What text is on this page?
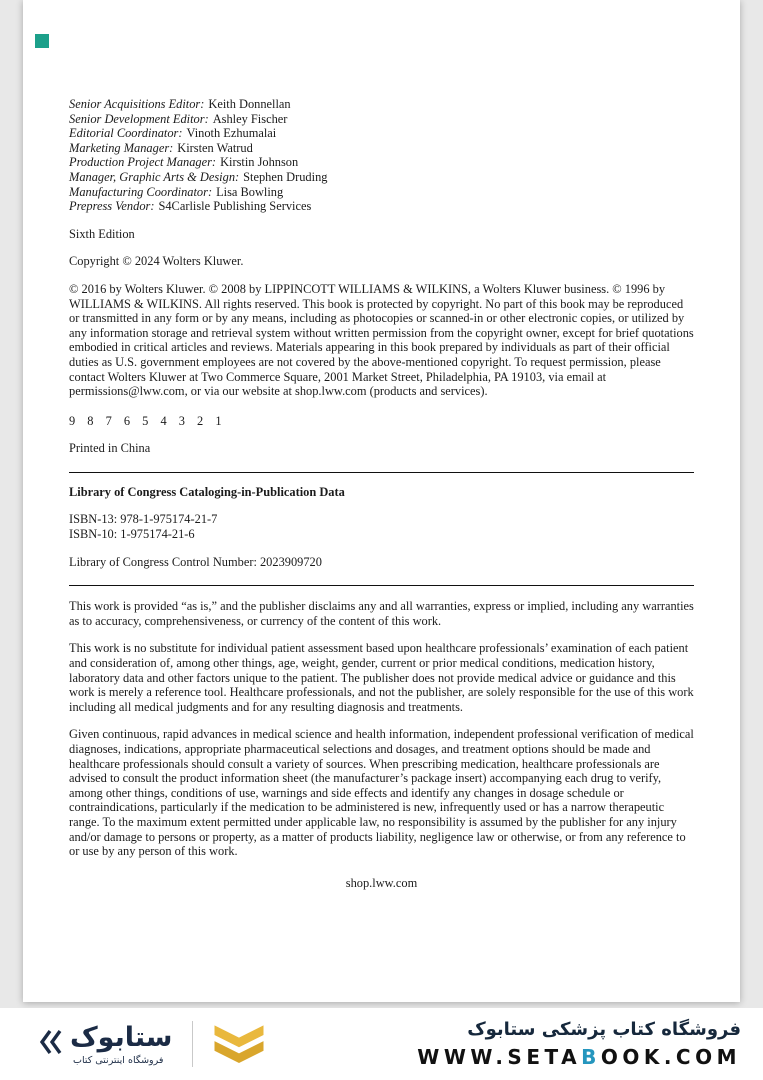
Senior Acquisitions Editor: Keith Donnellan

Senior Development Editor: Ashley Fischer

Editorial Coordinator: Vinoth Ezhumalai

Marketing Manager: Kirsten Watrud

Production Project Manager: Kirstin Johnson

Manager, Graphic Arts & Design: Stephen Druding

Manufacturing Coordinator: Lisa Bowling

Prepress Vendor: S4Carlisle Publishing Services

Sixth Edition

Copyright © 2024 Wolters Kluwer.

© 2016 by Wolters Kluwer. © 2008 by LIPPINCOTT WILLIAMS & WILKINS, a Wolters Kluwer business. © 1996 by WILLIAMS & WILKINS. All rights reserved. This book is protected by copyright. No part of this book may be reproduced or transmitted in any form or by any means, including as photocopies or scanned-in or other electronic copies, or utilized by any information storage and retrieval system without written permission from the copyright owner, except for brief quotations embodied in critical articles and reviews. Materials appearing in this book prepared by individuals as part of their official duties as U.S. government employees are not covered by the above-mentioned copyright. To request permission, please contact Wolters Kluwer at Two Commerce Square, 2001 Market Street, Philadelphia, PA 19103, via email at permissions@lww.com, or via our website at shop.lww.com (products and services).

9 8 7 6 5 4 3 2 1

Printed in China

Library of Congress Cataloging-in-Publication Data

ISBN-13: 978-1-975174-21-7

ISBN-10: 1-975174-21-6

Library of Congress Control Number: 2023909720

This work is provided “as is,” and the publisher disclaims any and all warranties, express or implied, including any warranties as to accuracy, comprehensiveness, or currency of the content of this work.

This work is no substitute for individual patient assessment based upon healthcare professionals’ examination of each patient and consideration of, among other things, age, weight, gender, current or prior medical conditions, medication history, laboratory data and other factors unique to the patient. The publisher does not provide medical advice or guidance and this work is merely a reference tool. Healthcare professionals, and not the publisher, are solely responsible for the use of this work including all medical judgments and for any resulting diagnosis and treatments.

Given continuous, rapid advances in medical science and health information, independent professional verification of medical diagnoses, indications, appropriate pharmaceutical selections and dosages, and treatment options should be made and healthcare professionals should consult a variety of sources. When prescribing medication, healthcare professionals are advised to consult the product information sheet (the manufacturer’s package insert) accompanying each drug to verify, among other things, conditions of use, warnings and side effects and identify any changes in dosage schedule or contraindications, particularly if the medication to be administered is new, infrequently used or has a narrow therapeutic range. To the maximum extent permitted under applicable law, no responsibility is assumed by the publisher for any injury and/or damage to persons or property, as a matter of products liability, negligence law or otherwise, or from any reference to or use by any person of this work.

shop.lww.com

ستابوک
فروشگاه اینترنتی کتاب
فروشگاه کتاب پزشکی ستابوک
WWW.SETABOOK.COM
